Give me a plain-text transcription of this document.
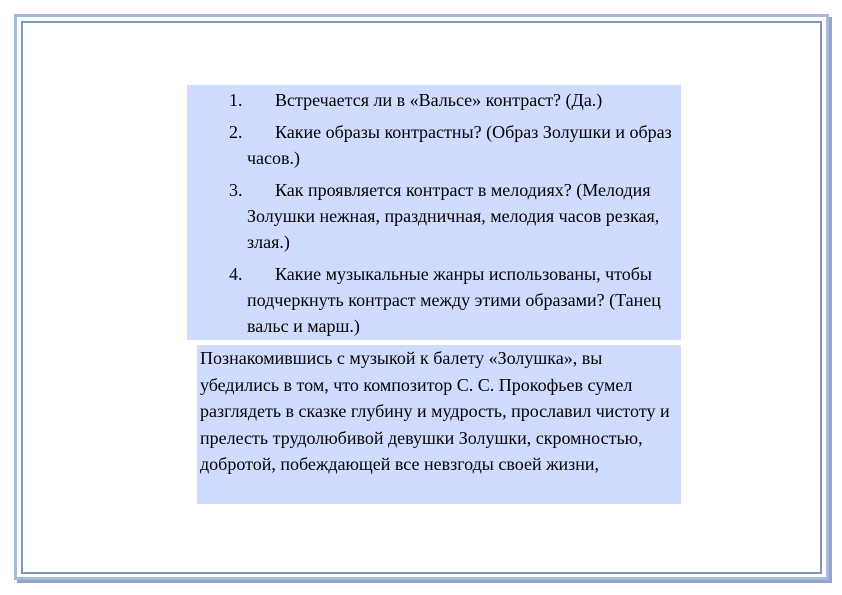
1.	Встречается ли в «Вальсе» контраст? (Да.)
2.	Какие образы контрастны? (Образ Золушки и образ часов.)
3.	Как проявляется контраст в мелодиях? (Мелодия Золушки нежная, праздничная, мелодия часов резкая, злая.)
4.	Какие музыкальные жанры использованы, чтобы подчеркнуть контраст между этими образами? (Танец вальс и марш.)
Познакомившись с музыкой к балету «Золушка», вы убедились в том, что композитор С. С. Прокофьев сумел разглядеть в сказке глубину и мудрость, прославил чистоту и прелесть трудолюбивой девушки Золушки, скромностью, добротой, побеждающей все невзгоды своей жизни,
